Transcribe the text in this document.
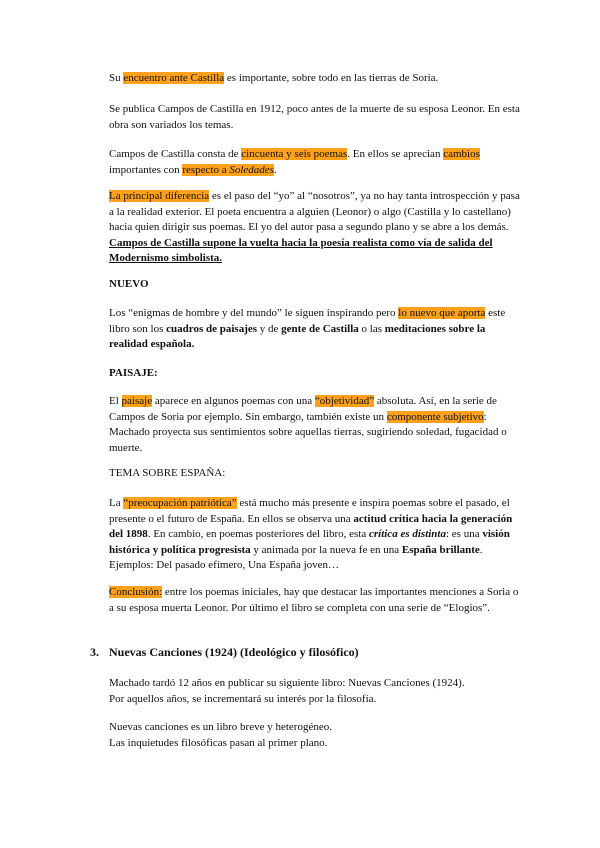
Su encuentro ante Castilla es importante, sobre todo en las tierras de Soria.

Se publica Campos de Castilla en 1912, poco antes de la muerte de su esposa Leonor. En esta obra son variados los temas.

Campos de Castilla consta de cincuenta y seis poemas. En ellos se aprecian cambios importantes con respecto a Soledades.

La principal diferencia es el paso del “yo” al “nosotros”, ya no hay tanta introspección y pasa a la realidad exterior. El poeta encuentra a alguien (Leonor) o algo (Castilla y lo castellano) hacia quien dirigir sus poemas. El yo del autor pasa a segundo plano y se abre a los demás. Campos de Castilla supone la vuelta hacia la poesía realista como vía de salida del Modernismo simbolista.

NUEVO

Los “enigmas de hombre y del mundo” le siguen inspirando pero lo nuevo que aporta este libro son los cuadros de paisajes y de gente de Castilla o las meditaciones sobre la realidad española.

PAISAJE:

El paisaje aparece en algunos poemas con una “objetividad” absoluta. Así, en la serie de Campos de Soria por ejemplo. Sin embargo, también existe un componente subjetivo: Machado proyecta sus sentimientos sobre aquellas tierras, sugiriendo soledad, fugacidad o muerte.

TEMA SOBRE ESPAÑA:

La “preocupación patriótica” está mucho más presente e inspira poemas sobre el pasado, el presente o el futuro de España. En ellos se observa una actitud crítica hacia la generación del 1898. En cambio, en poemas posteriores del libro, esta crítica es distinta: es una visión histórica y política progresista y animada por la nueva fe en una España brillante. Ejemplos: Del pasado efímero, Una España joven…

Conclusión: entre los poemas iniciales, hay que destacar las importantes menciones a Soria o a su esposa muerta Leonor. Por último el libro se completa con una serie de “Elogios”.

3. Nuevas Canciones (1924) (Ideológico y filosófico)

Machado tardó 12 años en publicar su siguiente libro: Nuevas Canciones (1924).
Por aquellos años, se incrementará su interés por la filosofía.

Nuevas canciones es un libro breve y heterogéneo.
Las inquietudes filosóficas pasan al primer plano.
